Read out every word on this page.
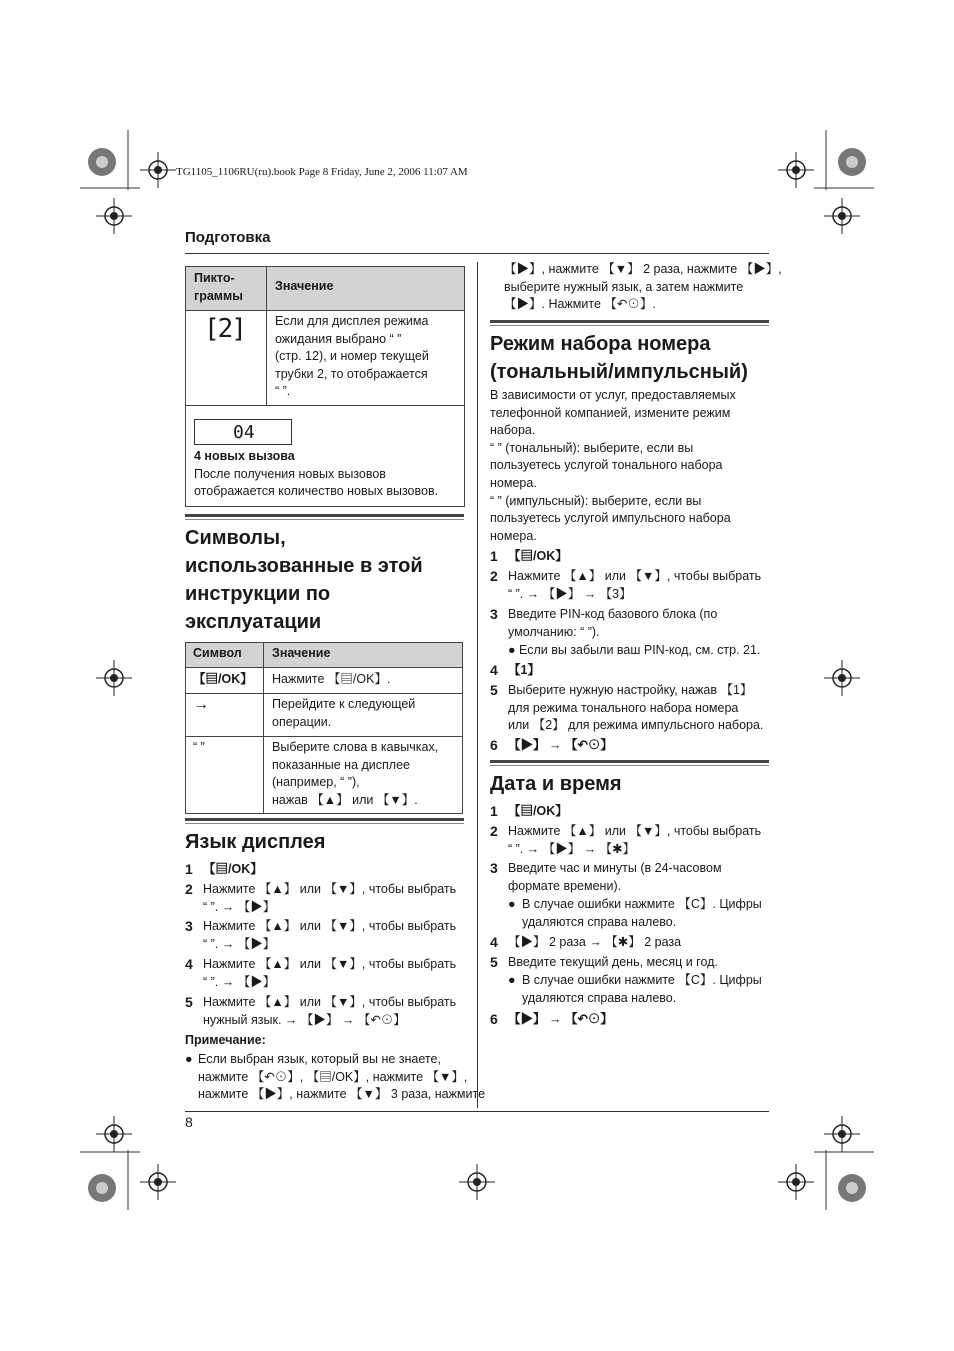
TG1105_1106RU(ru).book Page 8 Friday, June 2, 2006 11:07 AM
Подготовка
8
Пикто-
граммы	Значение

[2]	Если для дисплея режима
ожидания выбрано “ ”
(стр. 12), и номер текущей
трубки 2, то отображается
“ ”.

04
4 новых вызова
После получения новых вызовов
отображается количество новых вызовов.	
Символы,
использованные в этой
инструкции по
эксплуатации
Символ	Значение
【▤/OK】	Нажмите 【▤/OK】.

→	Перейдите к следующей
операции.

“ ”	Выберите слова в кавычках,
показанные на дисплее
(например, “ ”),
нажав 【▲】 или 【▼】.
Язык дисплея
1 【▤/OK】
2 Нажмите 【▲】 или 【▼】, чтобы выбрать
“ ”. → 【▶】
3 Нажмите 【▲】 или 【▼】, чтобы выбрать
“ ”. → 【▶】
4 Нажмите 【▲】 или 【▼】, чтобы выбрать
“ ”. → 【▶】
5 Нажмите 【▲】 или 【▼】, чтобы выбрать
нужный язык. → 【▶】 → 【↶⊙】
Примечание:
● Если выбран язык, который вы не знаете,
нажмите 【↶⊙】, 【▤/OK】, нажмите 【▼】,
нажмите 【▶】, нажмите 【▼】 3 раза, нажмите
【▶】, нажмите 【▼】 2 раза, нажмите 【▶】,
выберите нужный язык, а затем нажмите
【▶】. Нажмите 【↶⊙】.
Режим набора номера
(тональный/импульсный)
В зависимости от услуг, предоставляемых
телефонной компанией, измените режим
набора.
“ ” (тональный): выберите, если вы
пользуетесь услугой тонального набора
номера.
“ ” (импульсный): выберите, если вы
пользуетесь услугой импульсного набора
номера.
1 【▤/OK】
2 Нажмите 【▲】 или 【▼】, чтобы выбрать
“ ”. → 【▶】 → 【3】
3 Введите PIN-код базового блока (по
умолчанию: “ ”).
● Если вы забыли ваш PIN-код, см. стр. 21.
4 【1】
5 Выберите нужную настройку, нажав 【1】
для режима тонального набора номера
или 【2】 для режима импульсного набора.
6 【▶】 → 【↶⊙】
Дата и время
1 【▤/OK】
2 Нажмите 【▲】 или 【▼】, чтобы выбрать
“ ”. → 【▶】 → 【✱】
3 Введите час и минуты (в 24-часовом
формате времени).
● В случае ошибки нажмите 【C】. Цифры
удаляются справа налево.
4 【▶】 2 раза → 【✱】 2 раза
5 Введите текущий день, месяц и год.
● В случае ошибки нажмите 【C】. Цифры
удаляются справа налево.
6 【▶】 → 【↶⊙】
